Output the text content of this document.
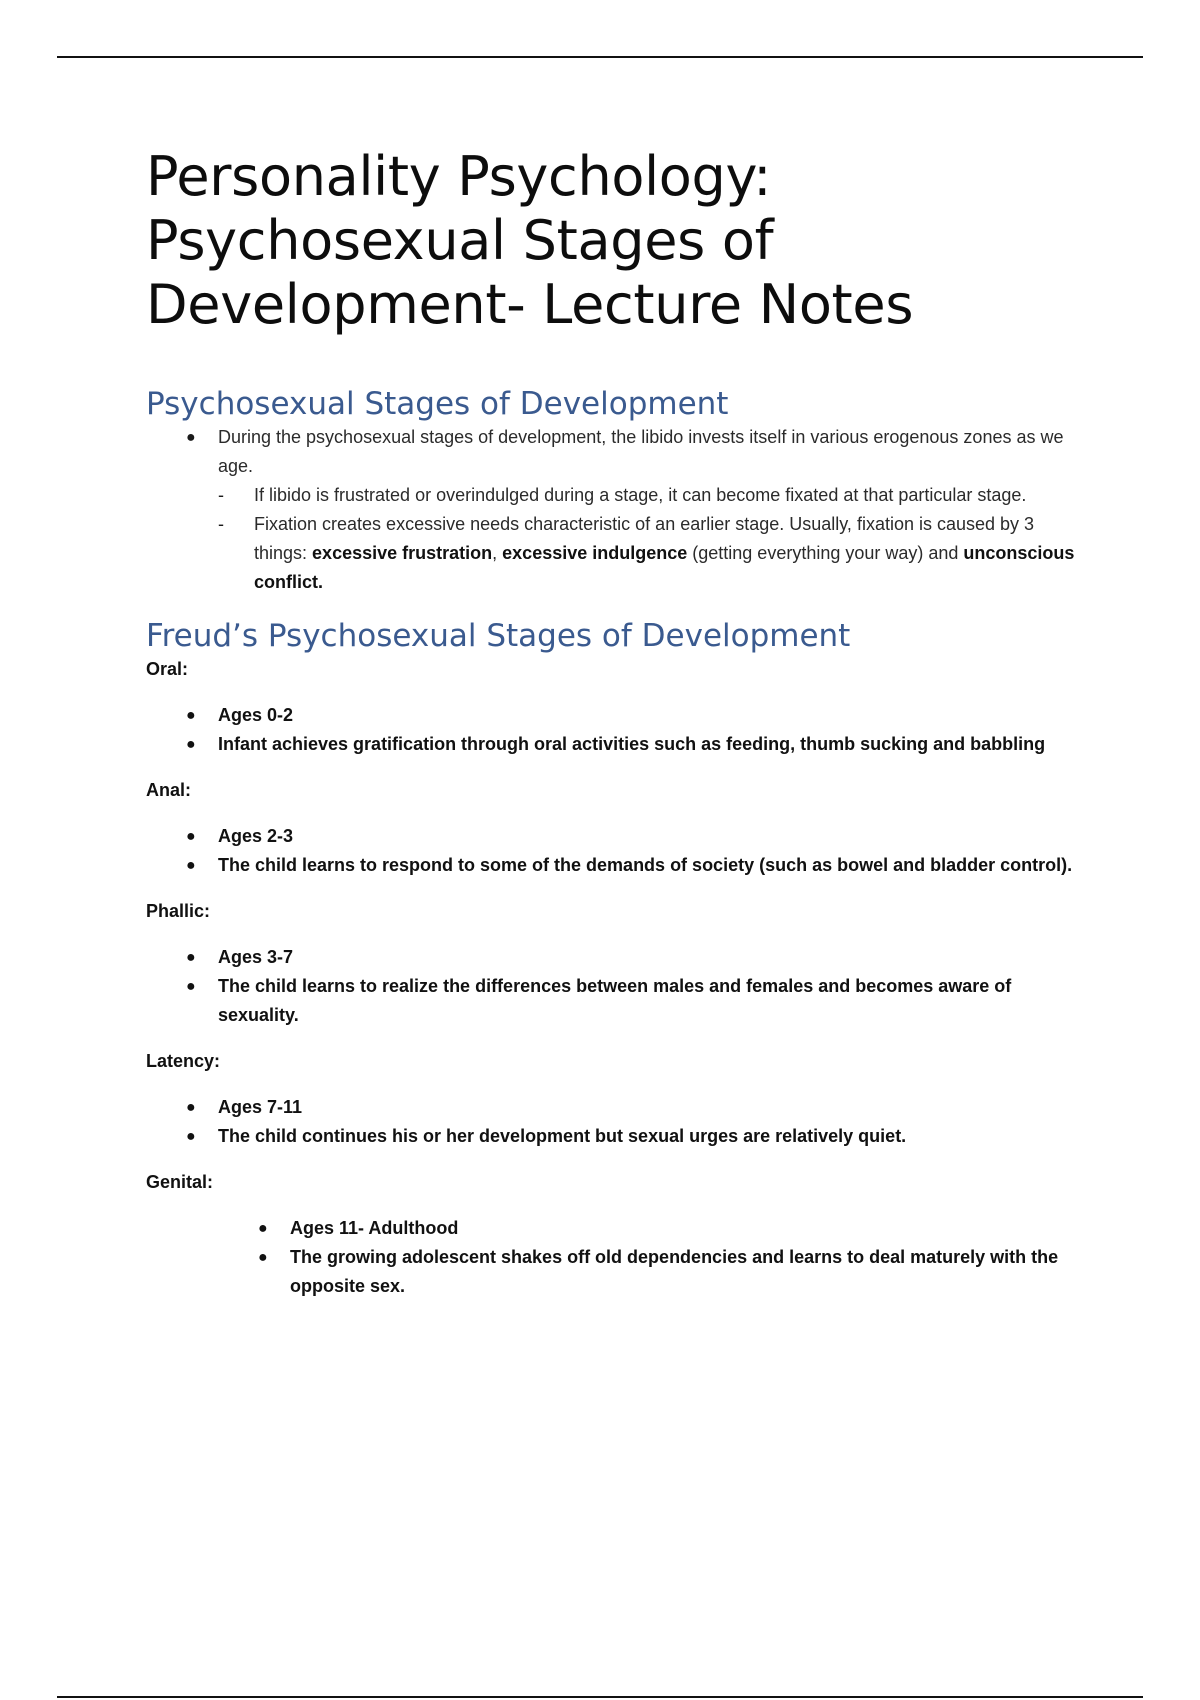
Personality Psychology:
Psychosexual Stages of
Development- Lecture Notes
Psychosexual Stages of Development
● During the psychosexual stages of development, the libido invests itself in various erogenous zones as we age.
- If libido is frustrated or overindulged during a stage, it can become fixated at that particular stage.
- Fixation creates excessive needs characteristic of an earlier stage. Usually, fixation is caused by 3 things: excessive frustration, excessive indulgence (getting everything your way) and unconscious conflict.
Freud’s Psychosexual Stages of Development

Oral:

● Ages 0-2
● Infant achieves gratification through oral activities such as feeding, thumb sucking and babbling

Anal:

● Ages 2-3
● The child learns to respond to some of the demands of society (such as bowel and bladder control).

Phallic:

● Ages 3-7
● The child learns to realize the differences between males and females and becomes aware of sexuality.

Latency:

● Ages 7-11
● The child continues his or her development but sexual urges are relatively quiet.

Genital:

● Ages 11- Adulthood
● The growing adolescent shakes off old dependencies and learns to deal maturely with the opposite sex.
